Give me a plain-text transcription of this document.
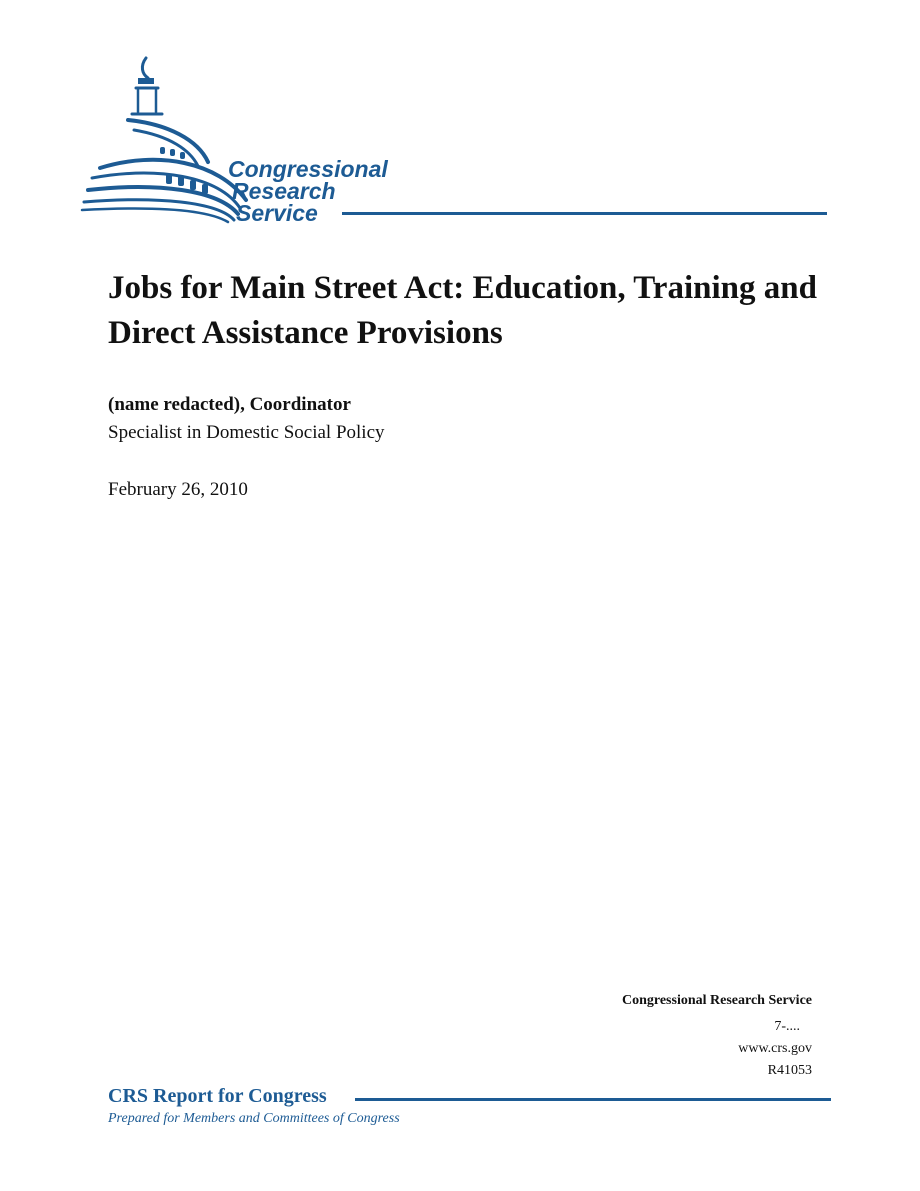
Congressional
Research
Service
Jobs for Main Street Act: Education, Training and Direct Assistance Provisions
(name redacted), Coordinator
Specialist in Domestic Social Policy
February 26, 2010
Congressional Research Service
7-....
www.crs.gov
R41053
CRS Report for Congress
Prepared for Members and Committees of Congress
